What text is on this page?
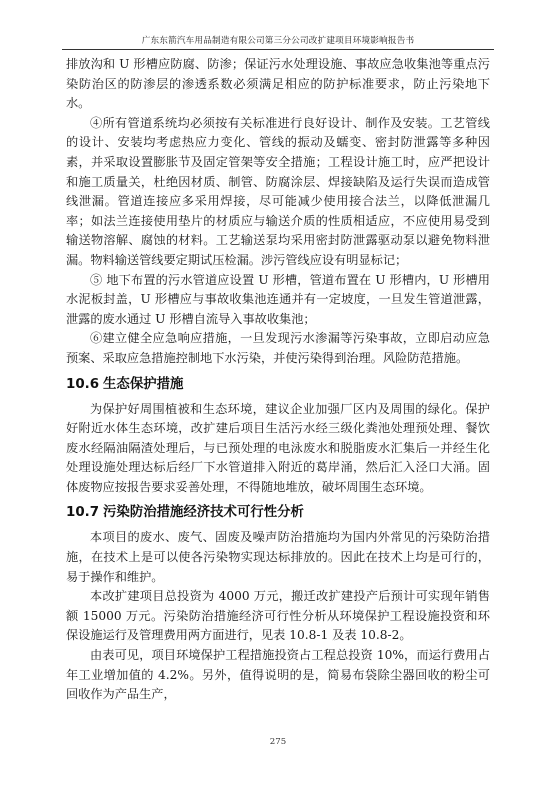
广东东箭汽车用品制造有限公司第三分公司改扩建项目环境影响报告书

排放沟和 U 形槽应防腐、防渗；保证污水处理设施、事故应急收集池等重点污染防治区的防渗层的渗透系数必须满足相应的防护标准要求，防止污染地下水。

④所有管道系统均必须按有关标准进行良好设计、制作及安装。工艺管线的设计、安装均考虑热应力变化、管线的振动及蠕变、密封防泄露等多种因素，并采取设置膨胀节及固定管架等安全措施；工程设计施工时，应严把设计和施工质量关，杜绝因材质、制管、防腐涂层、焊接缺陷及运行失误而造成管线泄漏。管道连接应多采用焊接，尽可能减少使用接合法兰，以降低泄漏几率；如法兰连接使用垫片的材质应与输送介质的性质相适应，不应使用易受到输送物溶解、腐蚀的材料。工艺输送泵均采用密封防泄露驱动泵以避免物料泄漏。物料输送管线要定期试压检漏。涉污管线应设有明显标记；

⑤ 地下布置的污水管道应设置 U 形槽，管道布置在 U 形槽内，U 形槽用水泥板封盖，U 形槽应与事故收集池连通并有一定坡度，一旦发生管道泄露，泄露的废水通过 U 形槽自流导入事故收集池；

⑥建立健全应急响应措施，一旦发现污水渗漏等污染事故，立即启动应急预案、采取应急措施控制地下水污染，并使污染得到治理。风险防范措施。

10.6 生态保护措施

为保护好周围植被和生态环境，建议企业加强厂区内及周围的绿化。保护好附近水体生态环境，改扩建后项目生活污水经三级化粪池处理预处理、餐饮废水经隔油隔渣处理后，与已预处理的电泳废水和脱脂废水汇集后一并经生化处理设施处理达标后经厂下水管道排入附近的葛岸涌，然后汇入泾口大涌。固体废物应按报告要求妥善处理，不得随地堆放，破坏周围生态环境。

10.7 污染防治措施经济技术可行性分析

本项目的废水、废气、固废及噪声防治措施均为国内外常见的污染防治措施，在技术上是可以使各污染物实现达标排放的。因此在技术上均是可行的，易于操作和维护。

本改扩建项目总投资为 4000 万元，搬迁改扩建投产后预计可实现年销售额 15000 万元。污染防治措施经济可行性分析从环境保护工程设施投资和环保设施运行及管理费用两方面进行，见表 10.8-1 及表 10.8-2。

由表可见，项目环境保护工程措施投资占工程总投资 10%，而运行费用占年工业增加值的 4.2%。另外，值得说明的是，简易布袋除尘器回收的粉尘可回收作为产品生产，

275
